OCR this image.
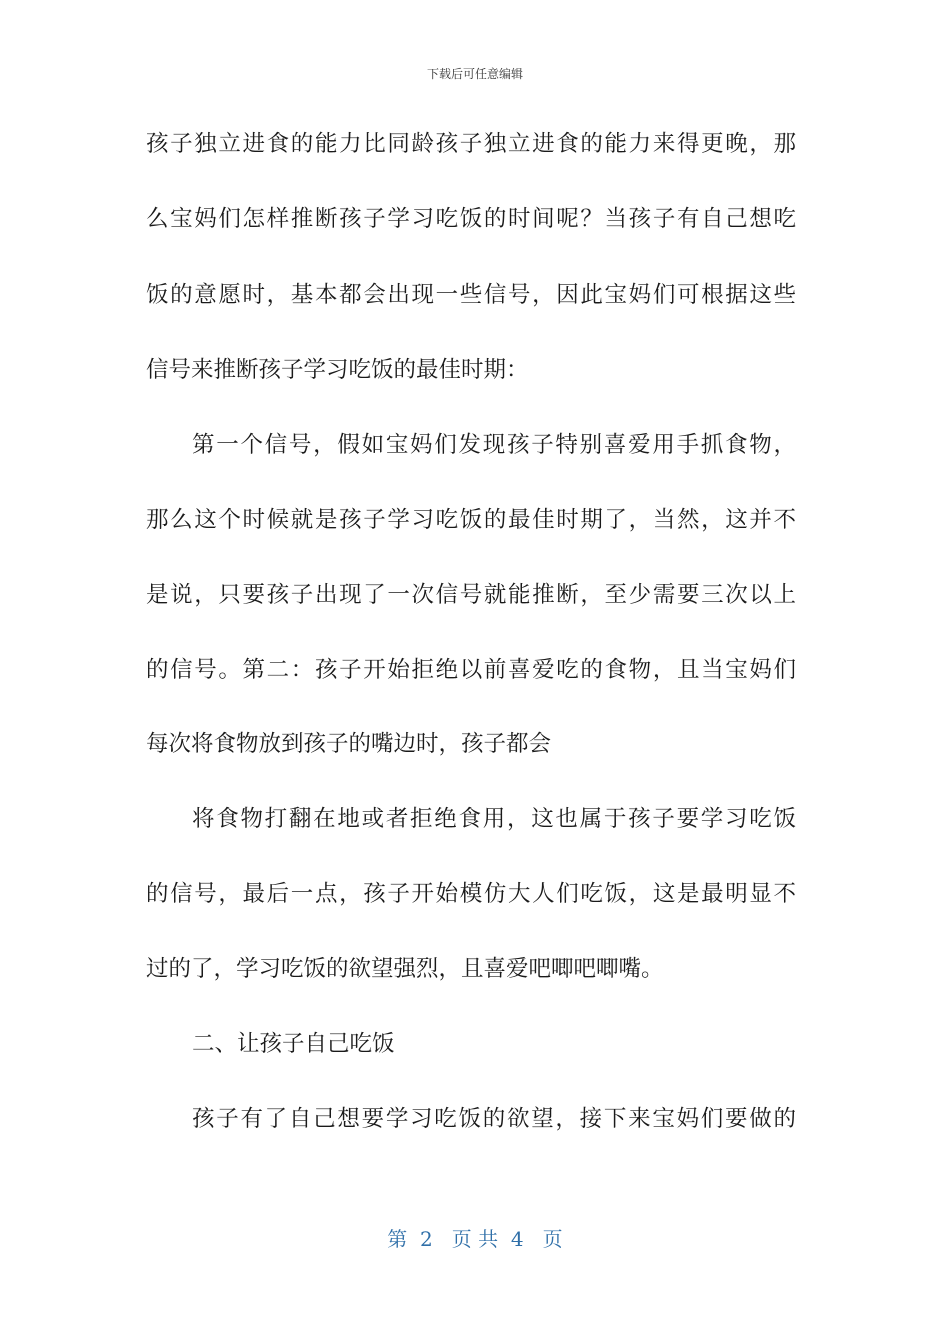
下载后可任意编辑
孩子独立进食的能力比同龄孩子独立进食的能力来得更晚，那
么宝妈们怎样推断孩子学习吃饭的时间呢？当孩子有自己想吃
饭的意愿时，基本都会出现一些信号，因此宝妈们可根据这些
信号来推断孩子学习吃饭的最佳时期：
第一个信号，假如宝妈们发现孩子特别喜爱用手抓食物，
那么这个时候就是孩子学习吃饭的最佳时期了，当然，这并不
是说，只要孩子出现了一次信号就能推断，至少需要三次以上
的信号。第二：孩子开始拒绝以前喜爱吃的食物，且当宝妈们
每次将食物放到孩子的嘴边时，孩子都会
将食物打翻在地或者拒绝食用，这也属于孩子要学习吃饭
的信号，最后一点，孩子开始模仿大人们吃饭，这是最明显不
过的了，学习吃饭的欲望强烈，且喜爱吧唧吧唧嘴。
二、让孩子自己吃饭
孩子有了自己想要学习吃饭的欲望，接下来宝妈们要做的
第  2   页 共  4   页
